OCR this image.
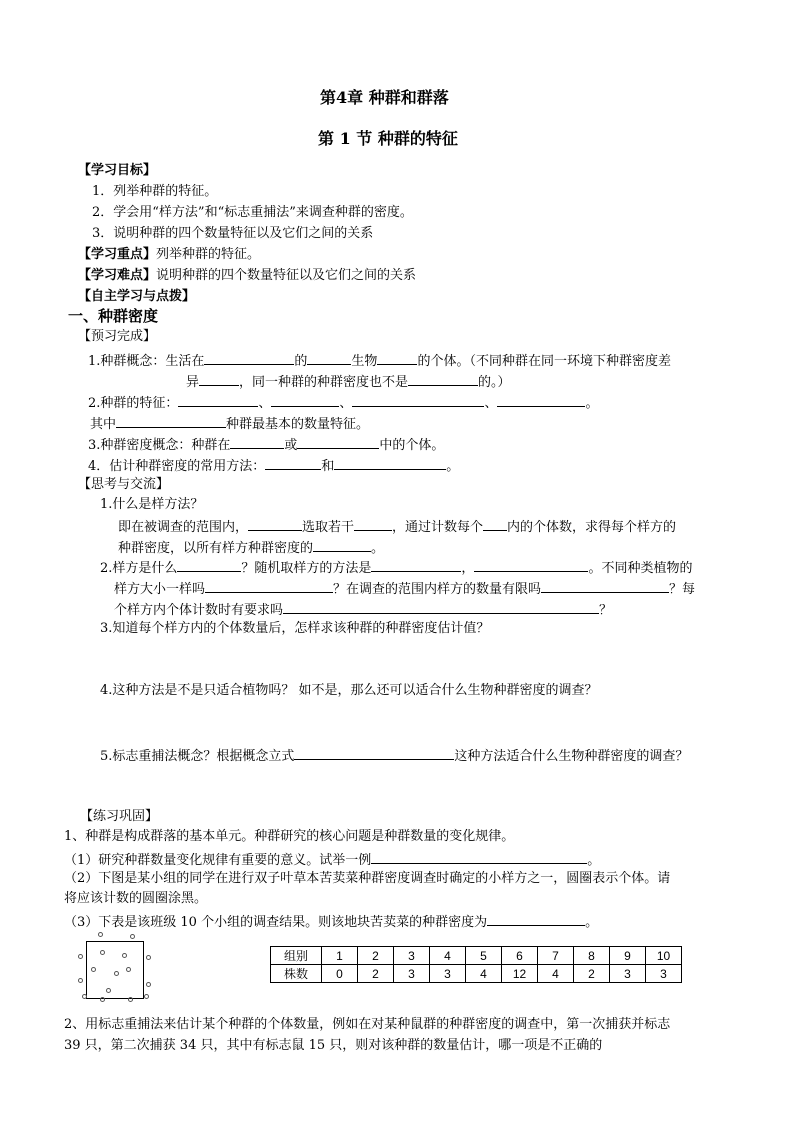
第4章 种群和群落
第 1 节 种群的特征
【学习目标】
1．列举种群的特征。
2．学会用“样方法”和“标志重捕法”来调查种群的密度。
3．说明种群的四个数量特征以及它们之间的关系
【学习重点】列举种群的特征。
【学习难点】说明种群的四个数量特征以及它们之间的关系
【自主学习与点拨】
一、种群密度
【预习完成】
1.种群概念：生活在	的	生物	的个体。（不同种群在同一环境下种群密度差
异	，同一种群的种群密度也不是	的。）
2.种群的特征：	、	、	、	。
其中	种群最基本的数量特征。
3.种群密度概念：种群在	或	中的个体。
4．估计种群密度的常用方法：	和	。
【思考与交流】
1.什么是样方法？
即在被调查的范围内，	选取若干	，通过计数每个 内的个体数，求得每个样方的
种群密度，以所有样方种群密度的	。
2.样方是什么	？随机取样方的方法是	，	。不同种类植物的
样方大小一样吗	？在调查的范围内样方的数量有限吗	？每
个样方内个体计数时有要求吗	？
3.知道每个样方内的个体数量后，怎样求该种群的种群密度估计值？
4.这种方法是不是只适合植物吗？ 如不是，那么还可以适合什么生物种群密度的调查？
5.标志重捕法概念？根据概念立式	这种方法适合什么生物种群密度的调查？
【练习巩固】
1、种群是构成群落的基本单元。种群研究的核心问题是种群数量的变化规律。
（1）研究种群数量变化规律有重要的意义。试举一例	。
（2）下图是某小组的同学在进行双子叶草本苦荬菜种群密度调查时确定的小样方之一，圆圈表示个体。请
将应该计数的圆圈涂黑。
（3）下表是该班级 10 个小组的调查结果。则该地块苦荬菜的种群密度为	。
组别	1	2	3	4	5	6	7	8	9	10
株数	0	2	3	3	4	12	4	2	3	3
2、用标志重捕法来估计某个种群的个体数量，例如在对某种鼠群的种群密度的调查中，第一次捕获并标志
39 只，第二次捕获 34 只，其中有标志鼠 15 只，则对该种群的数量估计，哪一项是不正确的
